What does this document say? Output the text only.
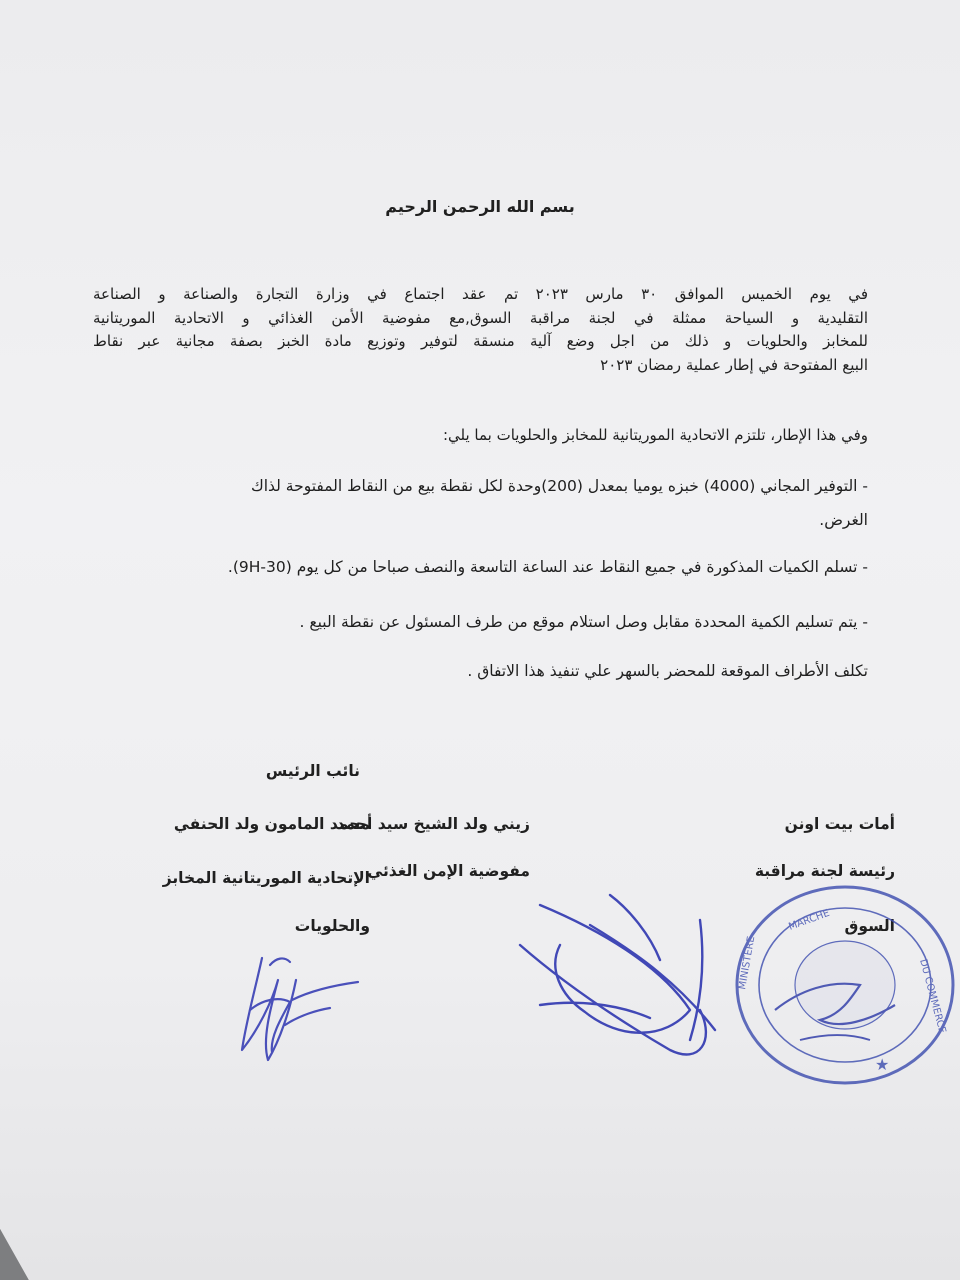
بسم الله الرحمن الرحيم

في يوم الخميس الموافق ٣٠ مارس ٢٠٢٣ تم عقد اجتماع في وزارة التجارة والصناعة و الصناعة
التقليدية و السياحة ممثلة في لجنة مراقبة السوق,مع مفوضية الأمن الغذائي و الاتحادية الموريتانية
للمخابز والحلويات و ذلك من اجل وضع آلية منسقة لتوفير وتوزيع مادة الخبز بصفة مجانية عبر نقاط
البيع المفتوحة في إطار عملية رمضان ٢٠٢٣

وفي هذا الإطار، تلتزم الاتحادية الموريتانية للمخابز والحلويات بما يلي:

- التوفير المجاني (4000) خبزه يوميا بمعدل (200)وحدة لكل نقطة بيع من النقاط المفتوحة لذاك
الغرض.

- تسلم الكميات المذكورة في جميع النقاط عند الساعة التاسعة والنصف صباحا من كل يوم (9H-30).

- يتم تسليم الكمية المحددة مقابل وصل استلام موقع من طرف المسئول عن نقطة البيع .

تكلف الأطراف الموقعة للمحضر بالسهر علي تنفيذ هذا الاتفاق .

نائب الرئيس

محمد المامون ولد الحنفي

الإتحادية الموريتانية المخابز

والحلويات

زيني ولد الشيخ سيد أحمد

مفوضية الإمن الغذئي

أمات بيت اونن

رئيسة لجنة مراقبة

السوق

MARCHE
DU COMMERCE
MINISTERE
★
